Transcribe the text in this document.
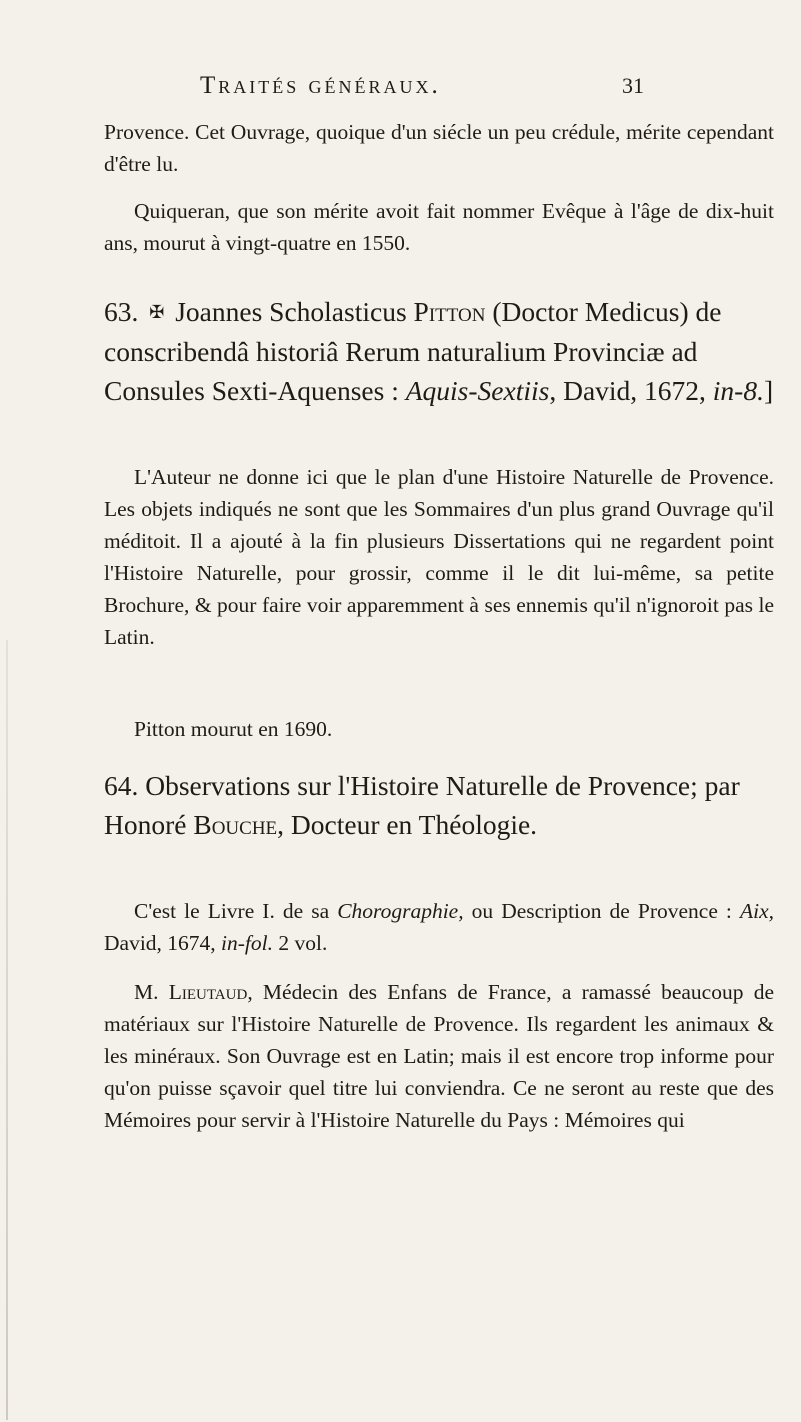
Traités généraux.	31

Provence. Cet Ouvrage, quoique d'un siécle un peu crédule, mérite cependant d'être lu.

Quiqueran, que son mérite avoit fait nommer Evêque à l'âge de dix-huit ans, mourut à vingt-quatre en 1550.

63. ✠ Joannes Scholasticus Pitton (Doctor Medicus) de conscribendâ historiâ Rerum naturalium Provinciæ ad Consules Sexti-Aquenses : Aquis-Sextiis, David, 1672, in-8.]

L'Auteur ne donne ici que le plan d'une Histoire Naturelle de Provence. Les objets indiqués ne sont que les Sommaires d'un plus grand Ouvrage qu'il méditoit. Il a ajouté à la fin plusieurs Dissertations qui ne regardent point l'Histoire Naturelle, pour grossir, comme il le dit lui-même, sa petite Brochure, & pour faire voir apparemment à ses ennemis qu'il n'ignoroit pas le Latin.

Pitton mourut en 1690.

64. Observations sur l'Histoire Naturelle de Provence; par Honoré Bouche, Docteur en Théologie.

C'est le Livre I. de sa Chorographie, ou Description de Provence : Aix, David, 1674, in-fol. 2 vol.

M. Lieutaud, Médecin des Enfans de France, a ramassé beaucoup de matériaux sur l'Histoire Naturelle de Provence. Ils regardent les animaux & les minéraux. Son Ouvrage est en Latin; mais il est encore trop informe pour qu'on puisse sçavoir quel titre lui conviendra. Ce ne seront au reste que des Mémoires pour servir à l'Histoire Naturelle du Pays : Mémoires qui
